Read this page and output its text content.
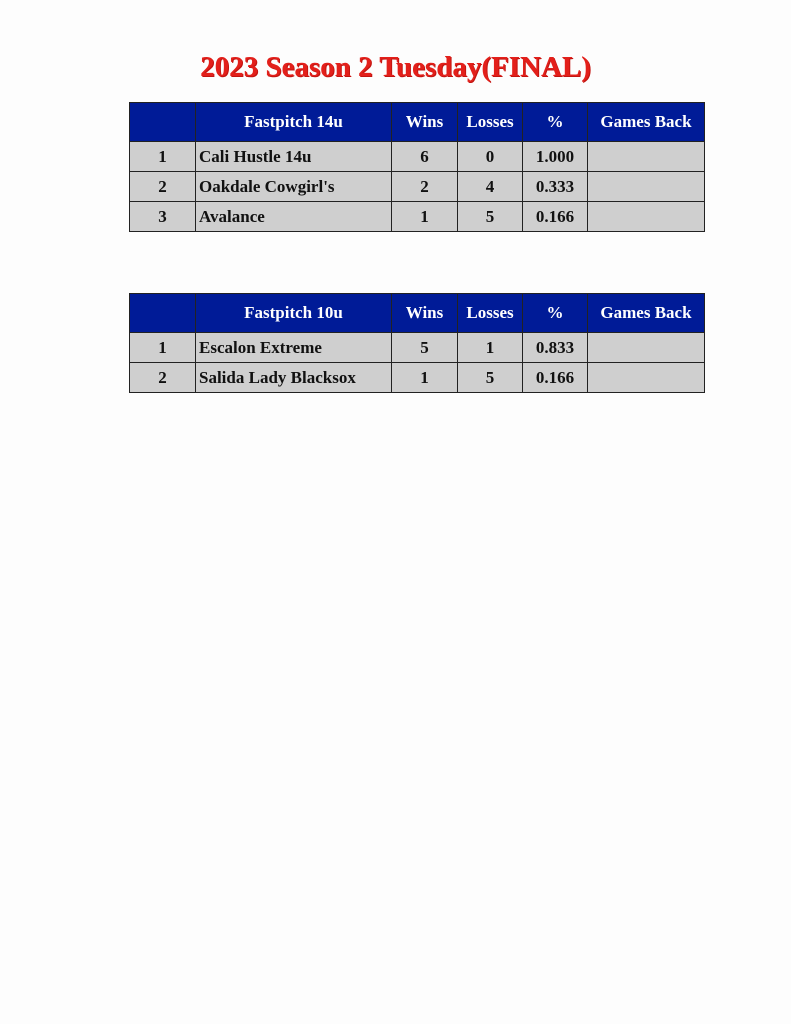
2023 Season 2 Tuesday(FINAL)
	Fastpitch 14u	Wins	Losses	%	Games Back
1	Cali Hustle 14u	6	0	1.000	
2	Oakdale Cowgirl's	2	4	0.333	
3	Avalance	1	5	0.166	
	Fastpitch 10u	Wins	Losses	%	Games Back
1	Escalon Extreme	5	1	0.833	
2	Salida Lady Blacksox	1	5	0.166	
